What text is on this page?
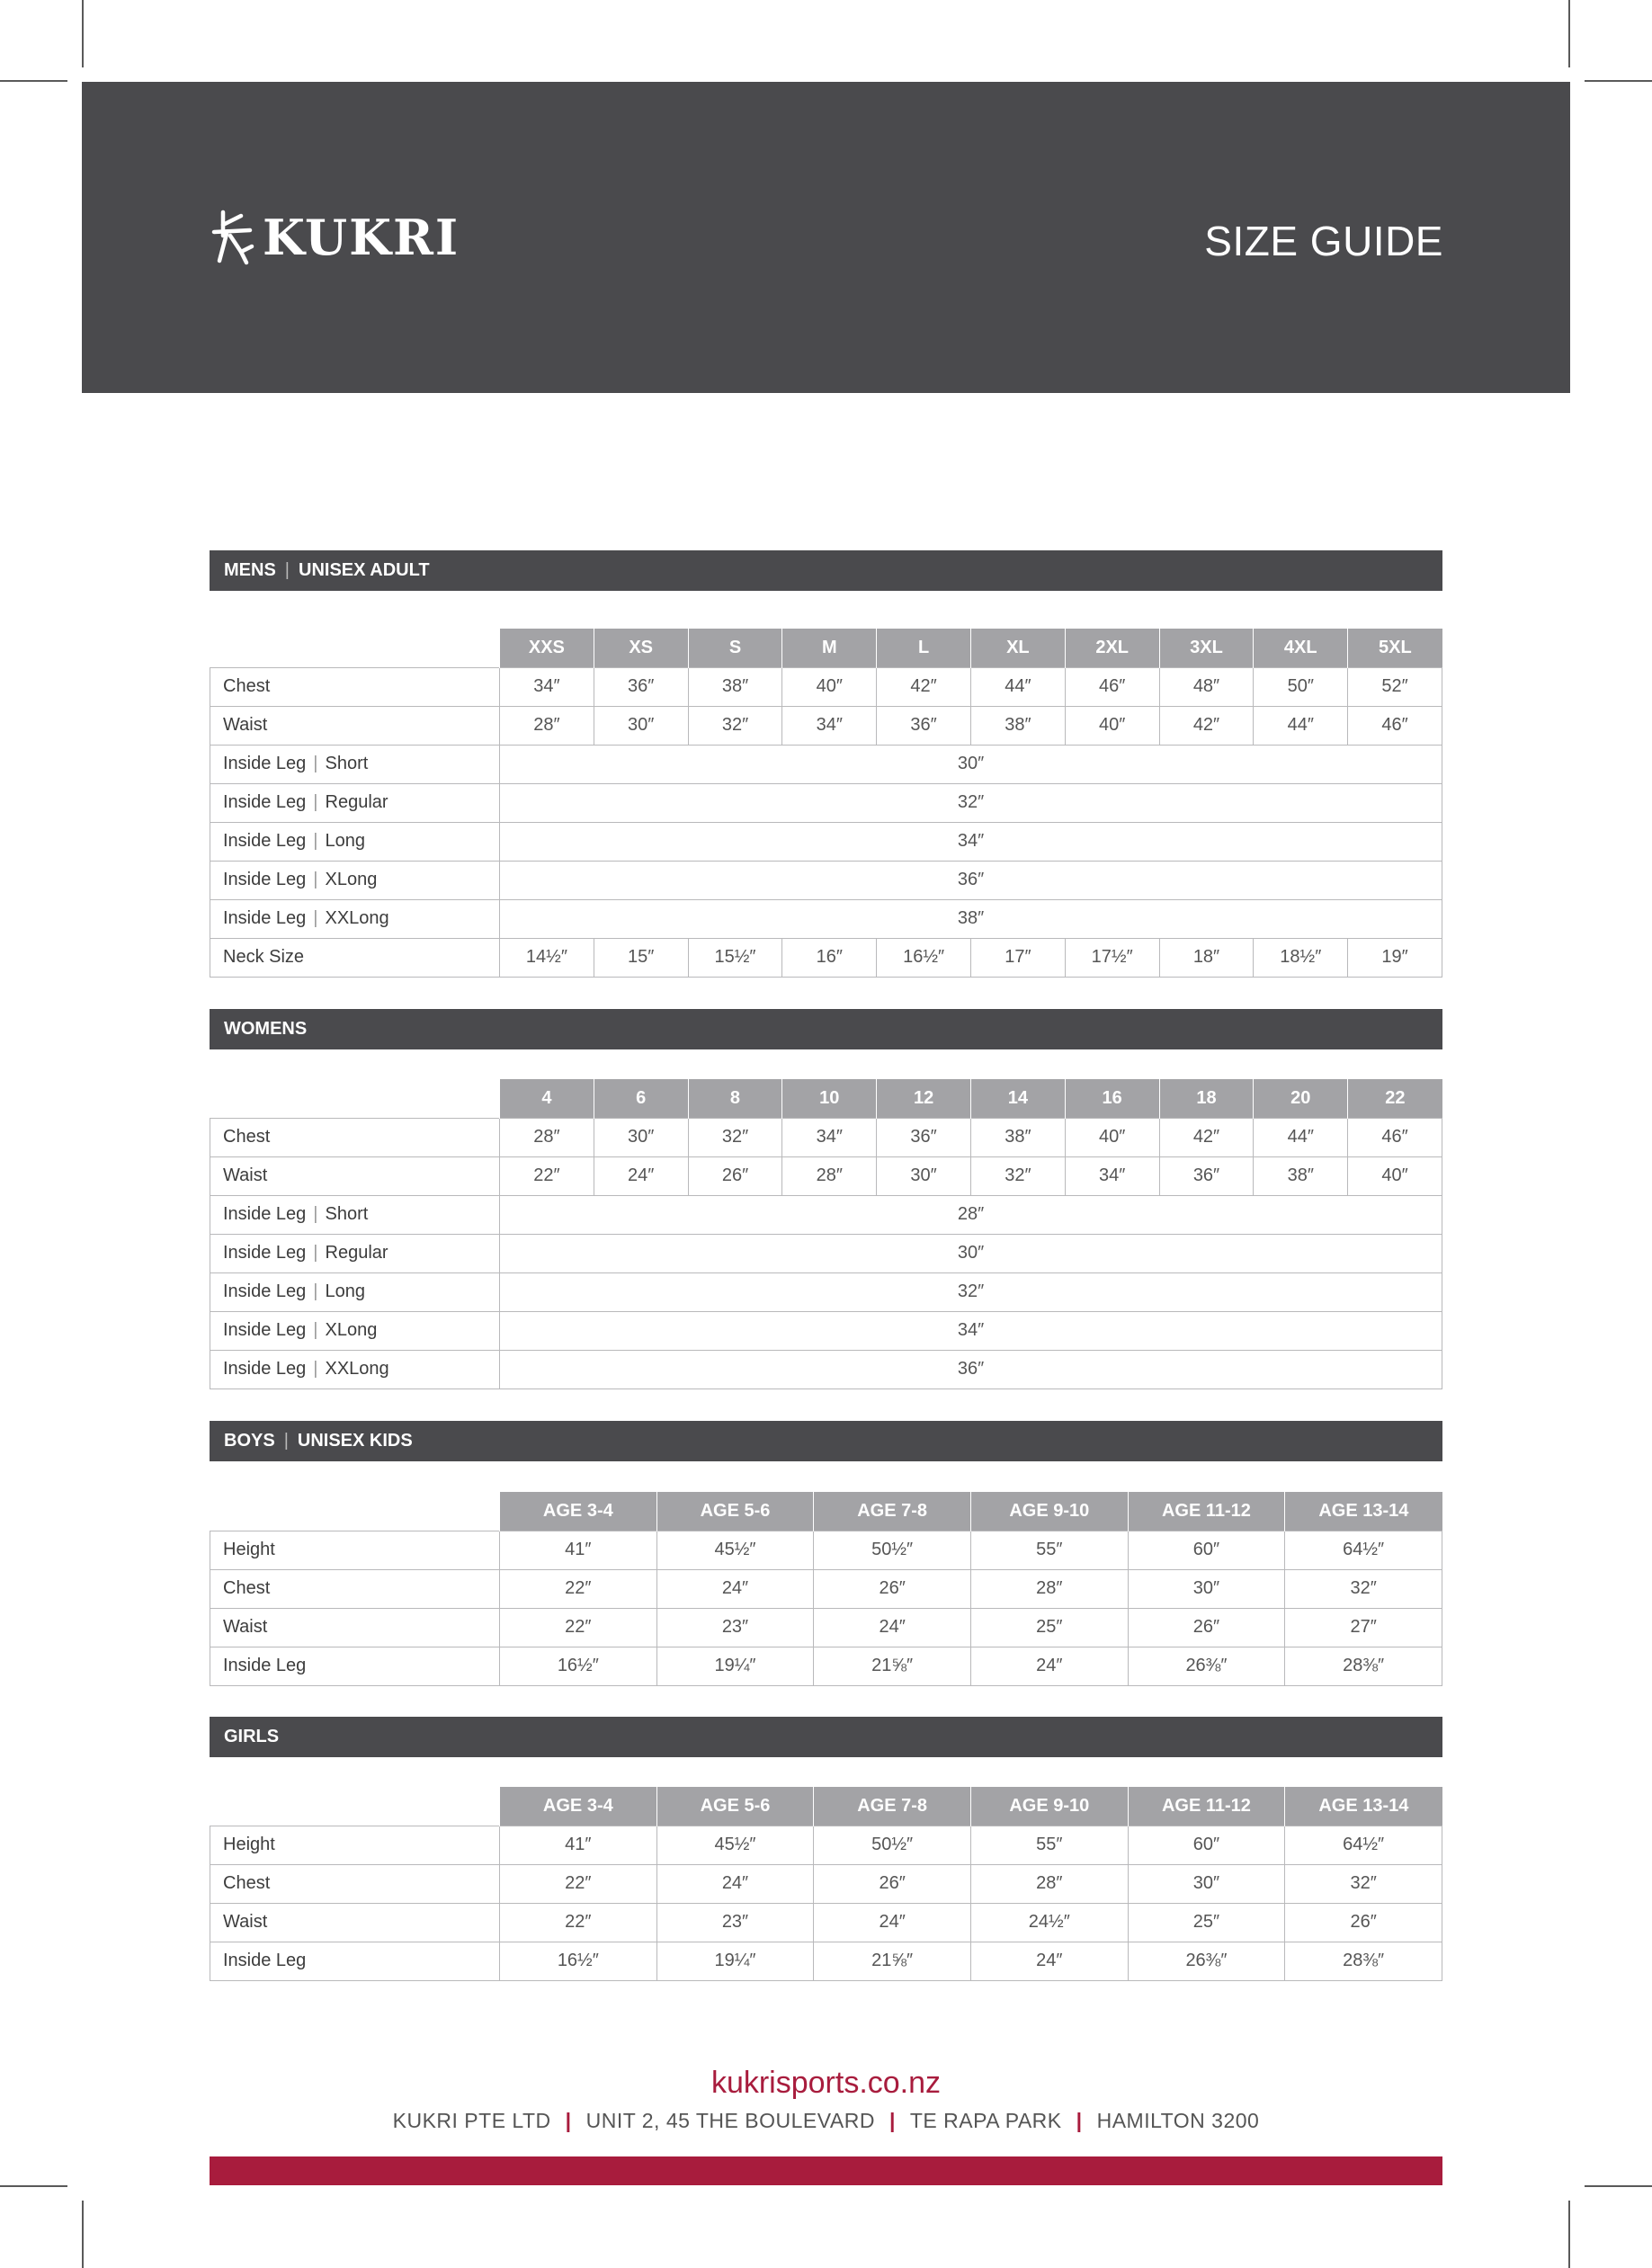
KUKRI	SIZE GUIDE
MENS | UNISEX ADULT
	XXS	XS	S	M	L	XL	2XL	3XL	4XL	5XL
Chest	34″	36″	38″	40″	42″	44″	46″	48″	50″	52″
Waist	28″	30″	32″	34″	36″	38″	40″	42″	44″	46″
Inside Leg | Short	30″									
Inside Leg | Regular	32″									
Inside Leg | Long	34″									
Inside Leg | XLong	36″									
Inside Leg | XXLong	38″									
Neck Size	14½″	15″	15½″	16″	16½″	17″	17½″	18″	18½″	19″
WOMENS
	4	6	8	10	12	14	16	18	20	22
Chest	28″	30″	32″	34″	36″	38″	40″	42″	44″	46″
Waist	22″	24″	26″	28″	30″	32″	34″	36″	38″	40″
Inside Leg | Short	28″									
Inside Leg | Regular	30″									
Inside Leg | Long	32″									
Inside Leg | XLong	34″									
Inside Leg | XXLong	36″									
BOYS | UNISEX KIDS
	AGE 3-4	AGE 5-6	AGE 7-8	AGE 9-10	AGE 11-12	AGE 13-14
Height	41″	45½″	50½″	55″	60″	64½″
Chest	22″	24″	26″	28″	30″	32″
Waist	22″	23″	24″	25″	26″	27″
Inside Leg	16½″	19¼″	21⅝″	24″	26⅜″	28⅜″
GIRLS
	AGE 3-4	AGE 5-6	AGE 7-8	AGE 9-10	AGE 11-12	AGE 13-14
Height	41″	45½″	50½″	55″	60″	64½″
Chest	22″	24″	26″	28″	30″	32″
Waist	22″	23″	24″	24½″	25″	26″
Inside Leg	16½″	19¼″	21⅝″	24″	26⅜″	28⅜″
kukrisports.co.nz
KUKRI PTE LTD | UNIT 2, 45 THE BOULEVARD | TE RAPA PARK | HAMILTON 3200
